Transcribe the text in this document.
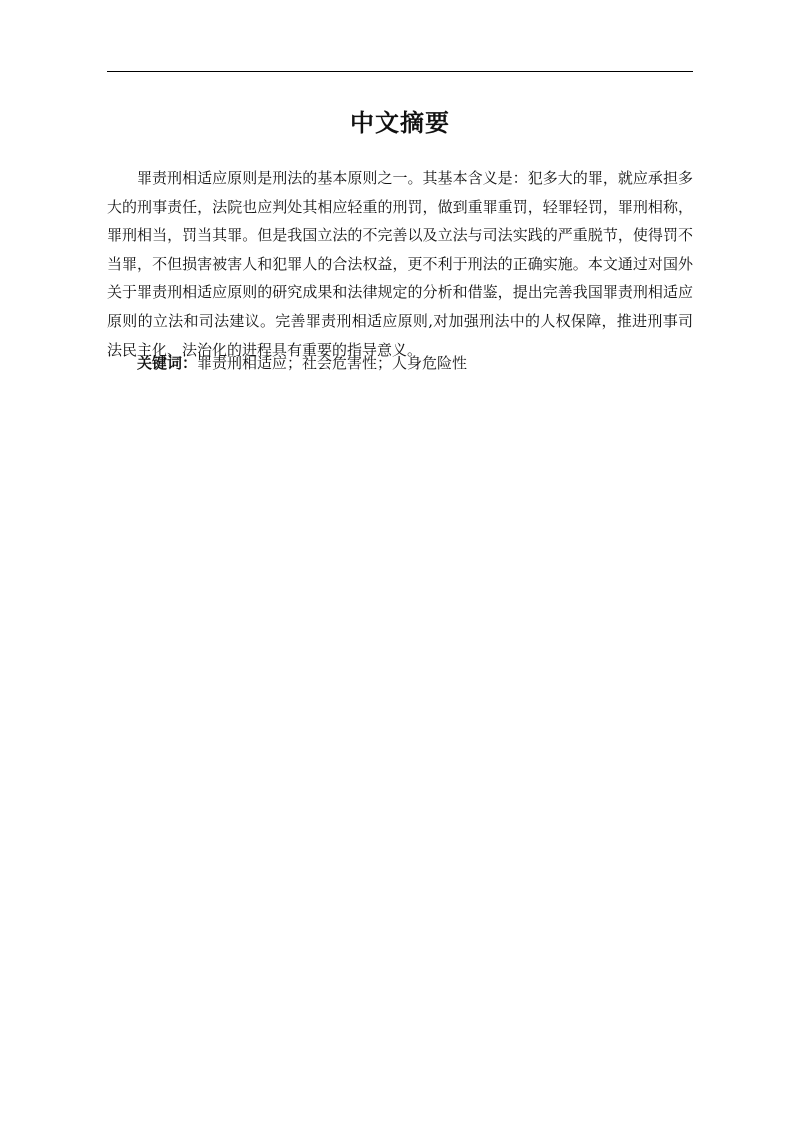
中文摘要

罪责刑相适应原则是刑法的基本原则之一。其基本含义是：犯多大的罪，就应承担多大的刑事责任，法院也应判处其相应轻重的刑罚，做到重罪重罚，轻罪轻罚，罪刑相称，罪刑相当，罚当其罪。但是我国立法的不完善以及立法与司法实践的严重脱节，使得罚不当罪，不但损害被害人和犯罪人的合法权益，更不利于刑法的正确实施。本文通过对国外关于罪责刑相适应原则的研究成果和法律规定的分析和借鉴，提出完善我国罪责刑相适应原则的立法和司法建议。完善罪责刑相适应原则,对加强刑法中的人权保障，推进刑事司法民主化、法治化的进程具有重要的指导意义。

关键词：罪责刑相适应；社会危害性；人身危险性
